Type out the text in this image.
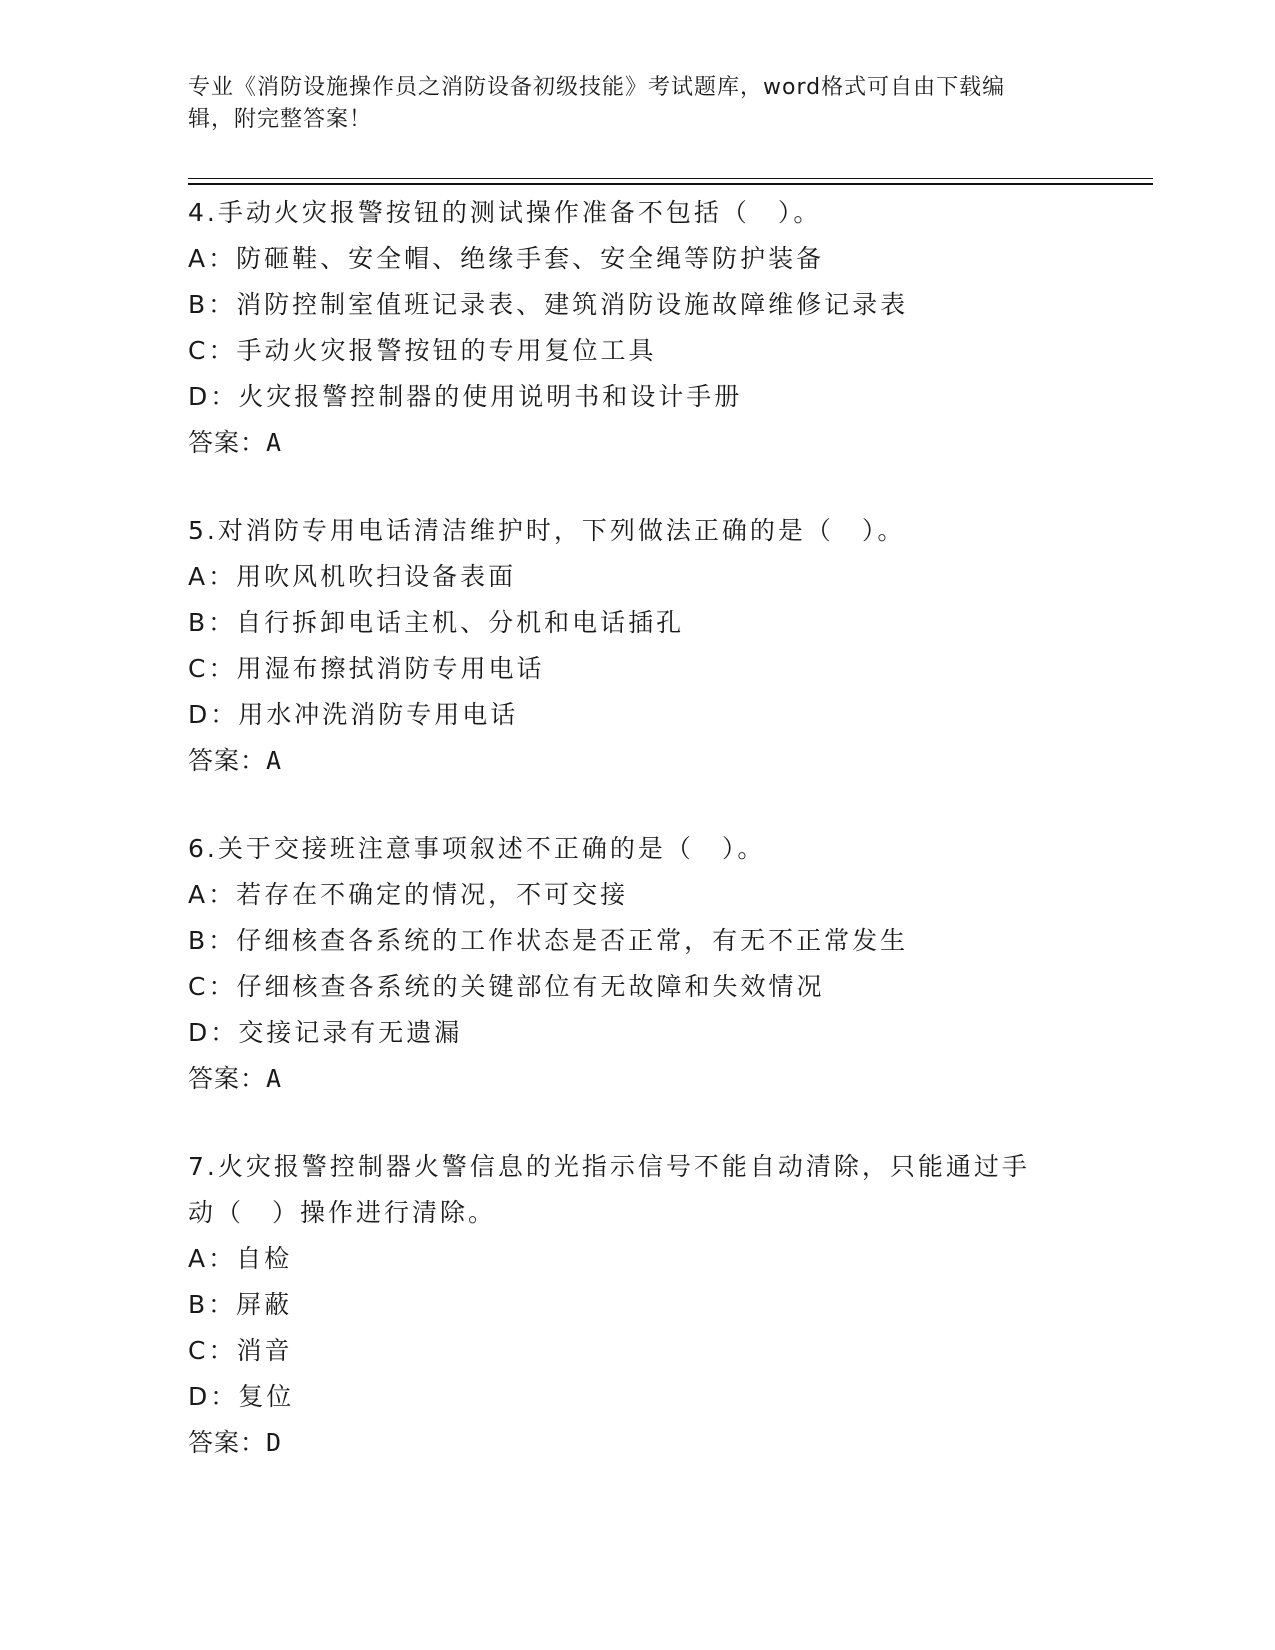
专业《消防设施操作员之消防设备初级技能》考试题库，word格式可自由下载编
辑，附完整答案！
4.手动火灾报警按钮的测试操作准备不包括（　）。
A：防砸鞋、安全帽、绝缘手套、安全绳等防护装备
B：消防控制室值班记录表、建筑消防设施故障维修记录表
C：手动火灾报警按钮的专用复位工具
D：火灾报警控制器的使用说明书和设计手册
答案：A
5.对消防专用电话清洁维护时，下列做法正确的是（　）。
A：用吹风机吹扫设备表面
B：自行拆卸电话主机、分机和电话插孔
C：用湿布擦拭消防专用电话
D：用水冲洗消防专用电话
答案：A
6.关于交接班注意事项叙述不正确的是（　）。
A：若存在不确定的情况，不可交接
B：仔细核查各系统的工作状态是否正常，有无不正常发生
C：仔细核查各系统的关键部位有无故障和失效情况
D：交接记录有无遗漏
答案：A
7.火灾报警控制器火警信息的光指示信号不能自动清除，只能通过手
动（　）操作进行清除。
A：自检
B：屏蔽
C：消音
D：复位
答案：D
